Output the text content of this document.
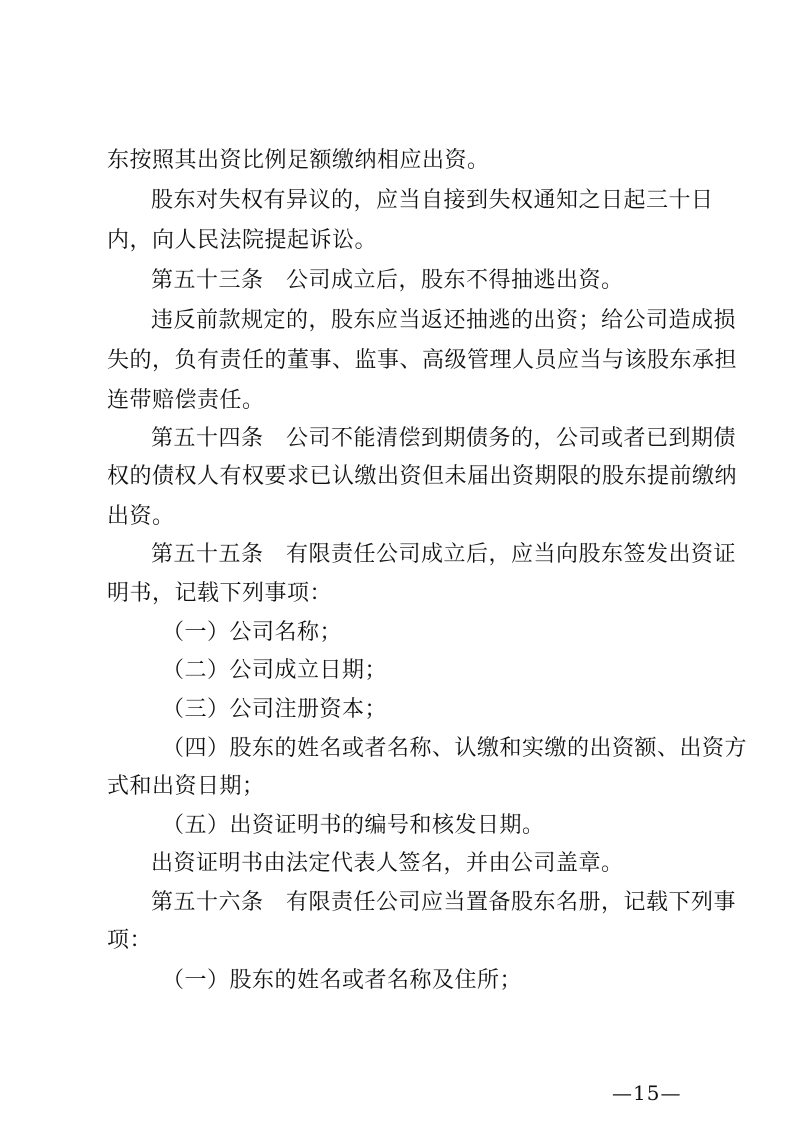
东按照其出资比例足额缴纳相应出资。
股东对失权有异议的，应当自接到失权通知之日起三十日
内，向人民法院提起诉讼。
第五十三条　公司成立后，股东不得抽逃出资。
违反前款规定的，股东应当返还抽逃的出资；给公司造成损
失的，负有责任的董事、监事、高级管理人员应当与该股东承担
连带赔偿责任。
第五十四条　公司不能清偿到期债务的，公司或者已到期债
权的债权人有权要求已认缴出资但未届出资期限的股东提前缴纳
出资。
第五十五条　有限责任公司成立后，应当向股东签发出资证
明书，记载下列事项：
（一）公司名称；
（二）公司成立日期；
（三）公司注册资本；
（四）股东的姓名或者名称、认缴和实缴的出资额、出资方
式和出资日期；
（五）出资证明书的编号和核发日期。
出资证明书由法定代表人签名，并由公司盖章。
第五十六条　有限责任公司应当置备股东名册，记载下列事
项：
（一）股东的姓名或者名称及住所；
—15—
